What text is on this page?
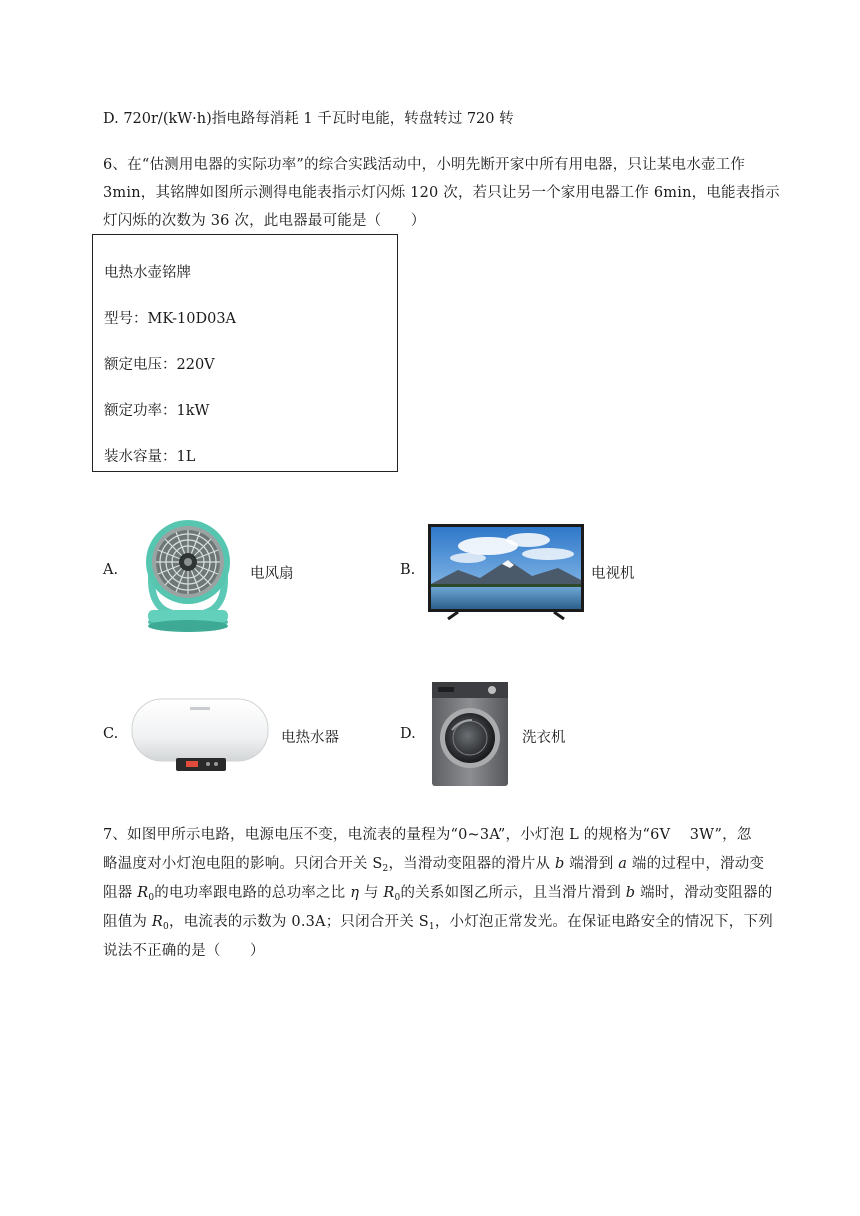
D. 720r/(kW·h)指电路每消耗 1 千瓦时电能，转盘转过 720 转
6、在“估测用电器的实际功率”的综合实践活动中，小明先断开家中所有用电器，只让某电水壶工作
3min，其铭牌如图所示测得电能表指示灯闪烁 120 次，若只让另一个家用电器工作 6min，电能表指示
灯闪烁的次数为 36 次，此电器最可能是（　　）
电热水壶铭牌
型号：MK-10D03A
额定电压：220V
额定功率：1kW
装水容量：1L
A.	电风扇	B.	电视机
C.	电热水器	D.	洗衣机
7、如图甲所示电路，电源电压不变，电流表的量程为“0~3A”，小灯泡 L 的规格为“6V　 3W”，忽
略温度对小灯泡电阻的影响。只闭合开关 $S_2$，当滑动变阻器的滑片从 b 端滑到 a 端的过程中，滑动变
阻器 $R_0$的电功率跟电路的总功率之比 η 与 $R_0$的关系如图乙所示，且当滑片滑到 b 端时，滑动变阻器的
阻值为 $R_0$，电流表的示数为 0.3A；只闭合开关 $S_1$，小灯泡正常发光。在保证电路安全的情况下，下列
说法不正确的是（　　）
